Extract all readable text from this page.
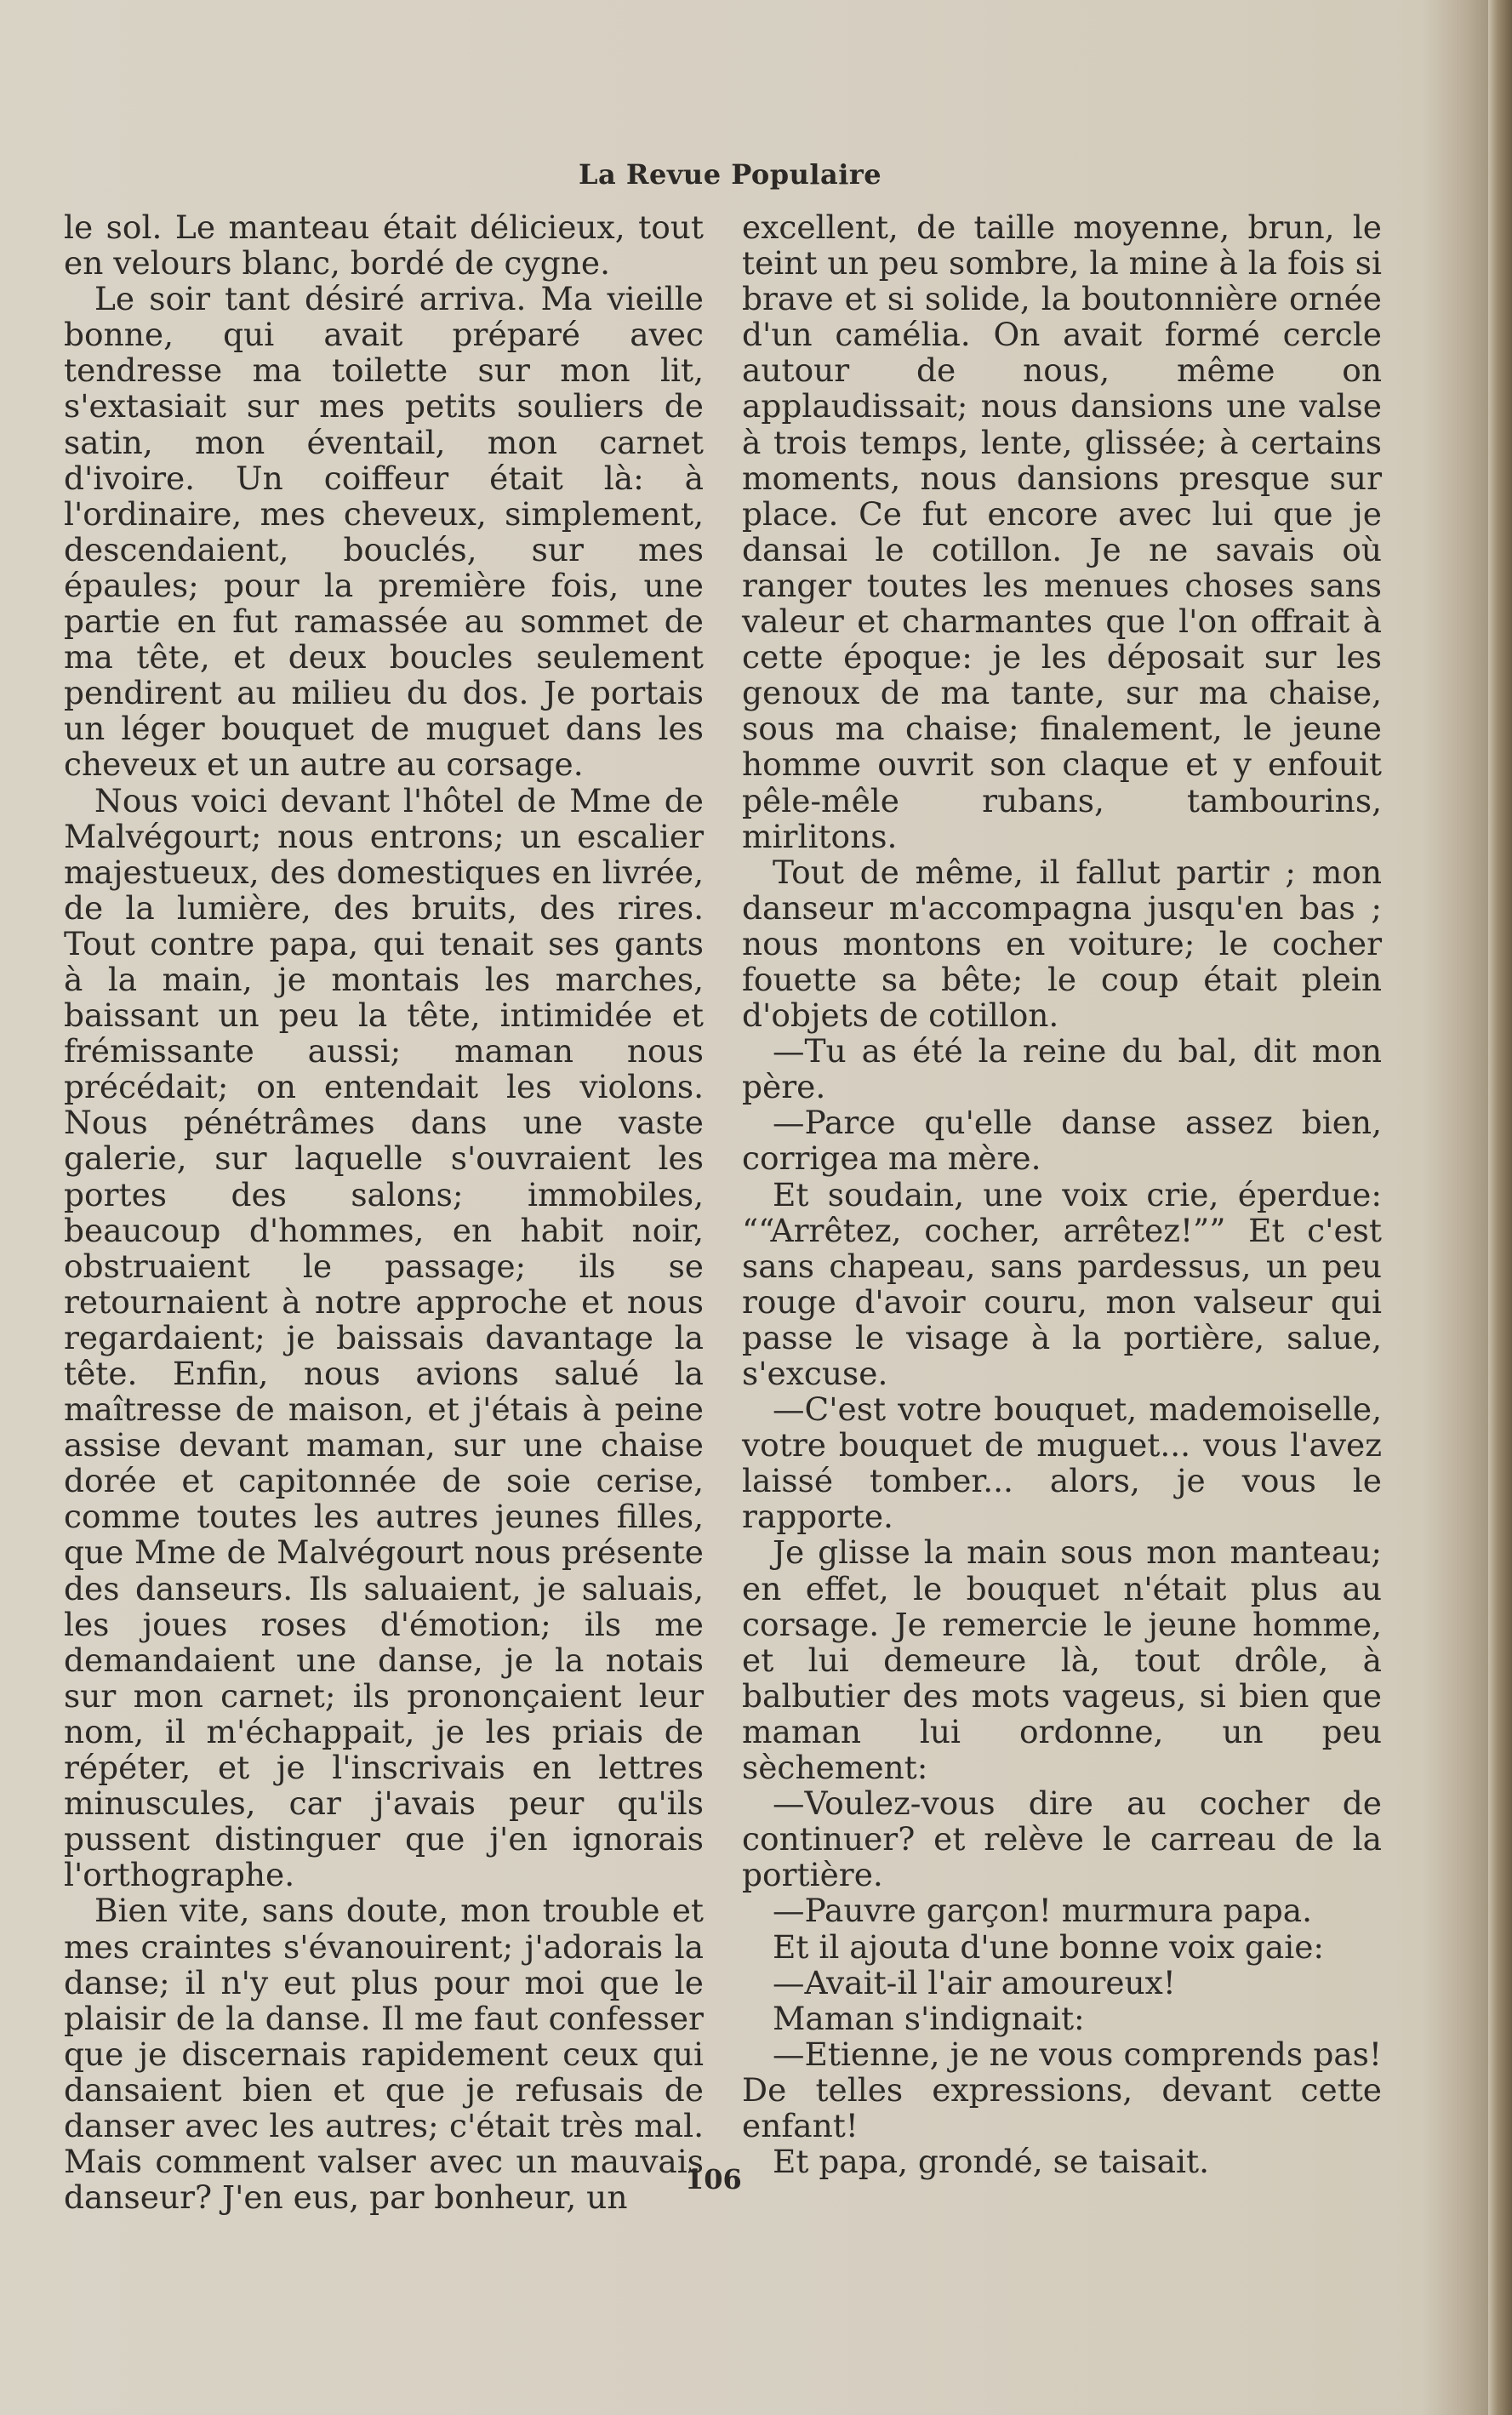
La Revue Populaire

le sol. Le manteau était délicieux, tout en velours blanc, bordé de cygne.

Le soir tant désiré arriva. Ma vieille bonne, qui avait préparé avec tendresse ma toilette sur mon lit, s'extasiait sur mes petits souliers de satin, mon éventail, mon carnet d'ivoire. Un coiffeur était là: à l'ordinaire, mes cheveux, simplement, descendaient, bouclés, sur mes épaules; pour la première fois, une partie en fut ramassée au sommet de ma tête, et deux boucles seulement pendirent au milieu du dos. Je portais un léger bouquet de muguet dans les cheveux et un autre au corsage.

Nous voici devant l'hôtel de Mme de Malvégourt; nous entrons; un escalier majestueux, des domestiques en livrée, de la lumière, des bruits, des rires. Tout contre papa, qui tenait ses gants à la main, je montais les marches, baissant un peu la tête, intimidée et frémissante aussi; maman nous précédait; on entendait les violons. Nous pénétrâmes dans une vaste galerie, sur laquelle s'ouvraient les portes des salons; immobiles, beaucoup d'hommes, en habit noir, obstruaient le passage; ils se retournaient à notre approche et nous regardaient; je baissais davantage la tête. Enfin, nous avions salué la maîtresse de maison, et j'étais à peine assise devant maman, sur une chaise dorée et capitonnée de soie cerise, comme toutes les autres jeunes filles, que Mme de Malvégourt nous présente des danseurs. Ils saluaient, je saluais, les joues roses d'émotion; ils me demandaient une danse, je la notais sur mon carnet; ils prononçaient leur nom, il m'échappait, je les priais de répéter, et je l'inscrivais en lettres minuscules, car j'avais peur qu'ils pussent distinguer que j'en ignorais l'orthographe.

Bien vite, sans doute, mon trouble et mes craintes s'évanouirent; j'adorais la danse; il n'y eut plus pour moi que le plaisir de la danse. Il me faut confesser que je discernais rapidement ceux qui dansaient bien et que je refusais de danser avec les autres; c'était très mal. Mais comment valser avec un mauvais danseur? J'en eus, par bonheur, un

excellent, de taille moyenne, brun, le teint un peu sombre, la mine à la fois si brave et si solide, la boutonnière ornée d'un camélia. On avait formé cercle autour de nous, même on applaudissait; nous dansions une valse à trois temps, lente, glissée; à certains moments, nous dansions presque sur place. Ce fut encore avec lui que je dansai le cotillon. Je ne savais où ranger toutes les menues choses sans valeur et charmantes que l'on offrait à cette époque: je les déposait sur les genoux de ma tante, sur ma chaise, sous ma chaise; finalement, le jeune homme ouvrit son claque et y enfouit pêle-mêle rubans, tambourins, mirlitons.

Tout de même, il fallut partir ; mon danseur m'accompagna jusqu'en bas ; nous montons en voiture; le cocher fouette sa bête; le coup était plein d'objets de cotillon.

—Tu as été la reine du bal, dit mon père.

—Parce qu'elle danse assez bien, corrigea ma mère.

Et soudain, une voix crie, éperdue: ““Arrêtez, cocher, arrêtez!”” Et c'est sans chapeau, sans pardessus, un peu rouge d'avoir couru, mon valseur qui passe le visage à la portière, salue, s'excuse.

—C'est votre bouquet, mademoiselle, votre bouquet de muguet... vous l'avez laissé tomber... alors, je vous le rapporte.

Je glisse la main sous mon manteau; en effet, le bouquet n'était plus au corsage. Je remercie le jeune homme, et lui demeure là, tout drôle, à balbutier des mots vageus, si bien que maman lui ordonne, un peu sèchement:

—Voulez-vous dire au cocher de continuer? et relève le carreau de la portière.

—Pauvre garçon! murmura papa.

Et il ajouta d'une bonne voix gaie:

—Avait-il l'air amoureux!

Maman s'indignait:

—Etienne, je ne vous comprends pas! De telles expressions, devant cette enfant!

Et papa, grondé, se taisait.

106
